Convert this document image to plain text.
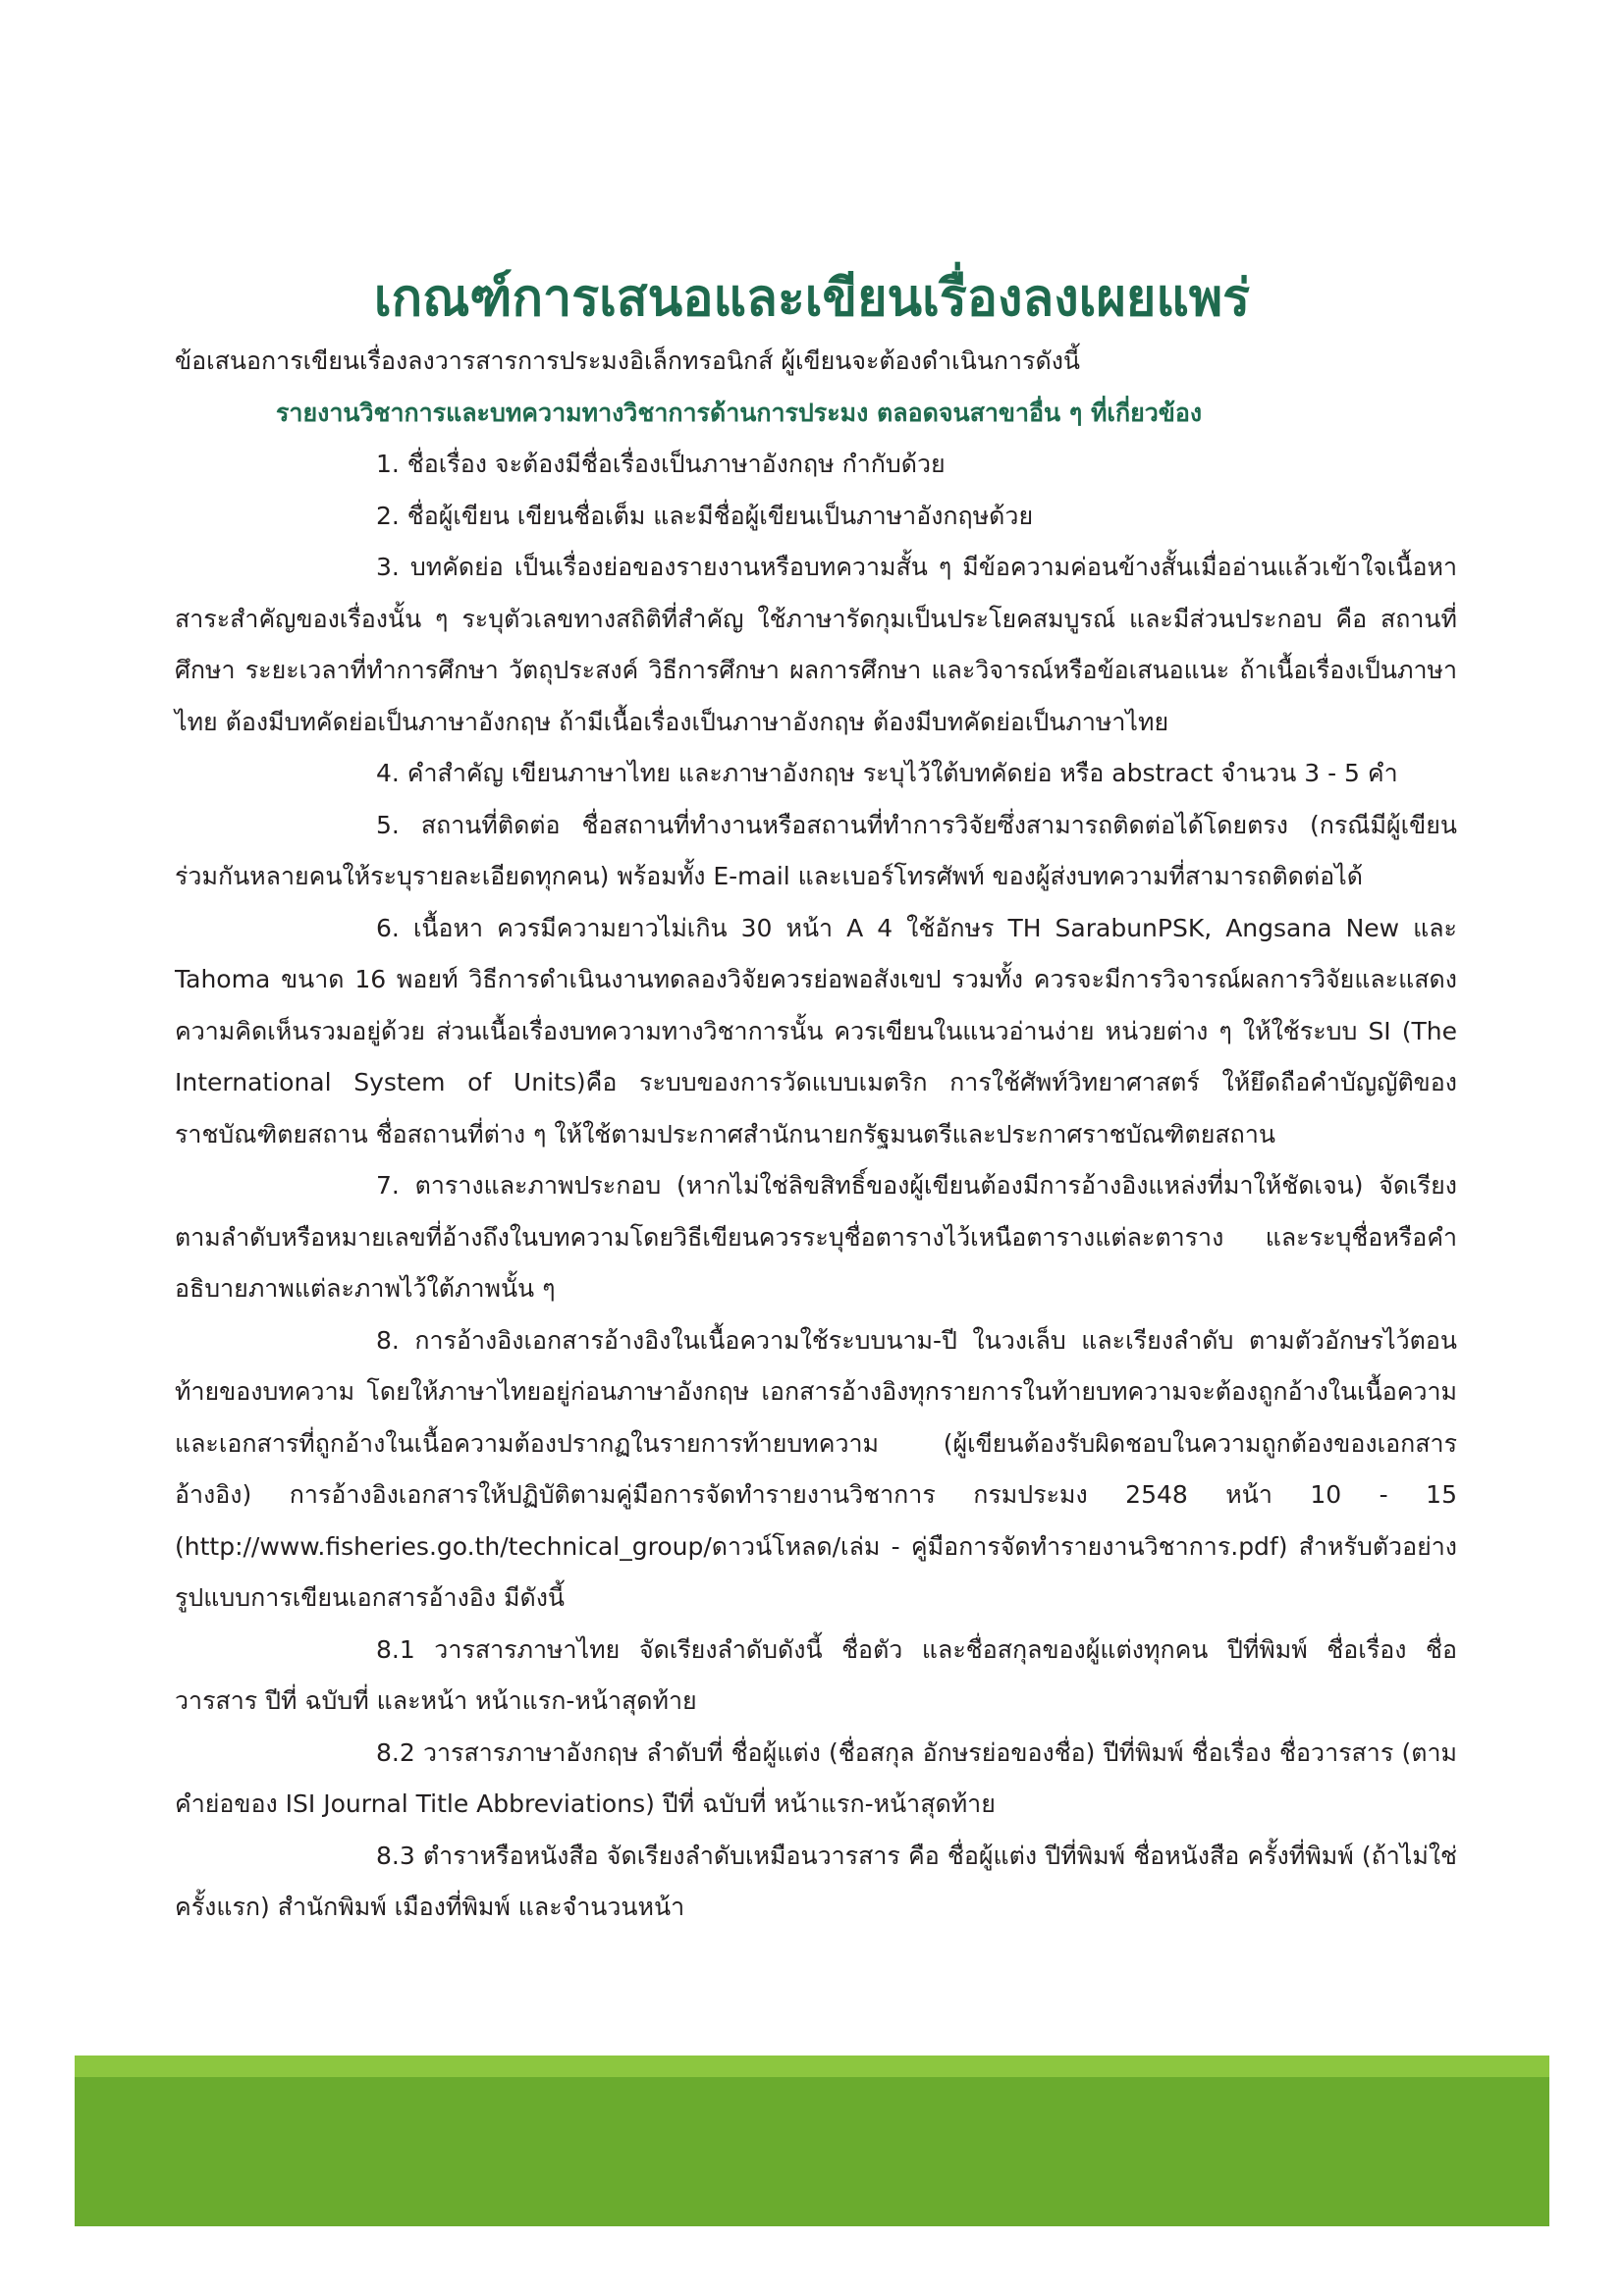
เกณฑ์การเสนอและเขียนเรื่องลงเผยแพร่

ข้อเสนอการเขียนเรื่องลงวารสารการประมงอิเล็กทรอนิกส์ ผู้เขียนจะต้องดำเนินการดังนี้

รายงานวิชาการและบทความทางวิชาการด้านการประมง ตลอดจนสาขาอื่น ๆ ที่เกี่ยวข้อง

1. ชื่อเรื่อง จะต้องมีชื่อเรื่องเป็นภาษาอังกฤษ กำกับด้วย

2. ชื่อผู้เขียน เขียนชื่อเต็ม และมีชื่อผู้เขียนเป็นภาษาอังกฤษด้วย

3. บทคัดย่อ เป็นเรื่องย่อของรายงานหรือบทความสั้น ๆ มีข้อความค่อนข้างสั้นเมื่ออ่านแล้วเข้าใจเนื้อหาสาระสำคัญของเรื่องนั้น ๆ ระบุตัวเลขทางสถิติที่สำคัญ ใช้ภาษารัดกุมเป็นประโยคสมบูรณ์ และมีส่วนประกอบ คือ สถานที่ศึกษา ระยะเวลาที่ทำการศึกษา วัตถุประสงค์ วิธีการศึกษา ผลการศึกษา และวิจารณ์หรือข้อเสนอแนะ ถ้าเนื้อเรื่องเป็นภาษาไทย ต้องมีบทคัดย่อเป็นภาษาอังกฤษ ถ้ามีเนื้อเรื่องเป็นภาษาอังกฤษ ต้องมีบทคัดย่อเป็นภาษาไทย

4. คำสำคัญ เขียนภาษาไทย และภาษาอังกฤษ ระบุไว้ใต้บทคัดย่อ หรือ abstract จำนวน 3 - 5 คำ

5. สถานที่ติดต่อ ชื่อสถานที่ทำงานหรือสถานที่ทำการวิจัยซึ่งสามารถติดต่อได้โดยตรง (กรณีมีผู้เขียนร่วมกันหลายคนให้ระบุรายละเอียดทุกคน) พร้อมทั้ง E-mail และเบอร์โทรศัพท์ ของผู้ส่งบทความที่สามารถติดต่อได้

6. เนื้อหา ควรมีความยาวไม่เกิน 30 หน้า A 4 ใช้อักษร TH SarabunPSK, Angsana New และ Tahoma ขนาด 16 พอยท์ วิธีการดำเนินงานทดลองวิจัยควรย่อพอสังเขป รวมทั้ง ควรจะมีการวิจารณ์ผลการวิจัยและแสดงความคิดเห็นรวมอยู่ด้วย ส่วนเนื้อเรื่องบทความทางวิชาการนั้น ควรเขียนในแนวอ่านง่าย หน่วยต่าง ๆ ให้ใช้ระบบ SI (The International System of Units)คือ ระบบของการวัดแบบเมตริก การใช้ศัพท์วิทยาศาสตร์ ให้ยึดถือคำบัญญัติของราชบัณฑิตยสถาน ชื่อสถานที่ต่าง ๆ ให้ใช้ตามประกาศสำนักนายกรัฐมนตรีและประกาศราชบัณฑิตยสถาน

7. ตารางและภาพประกอบ (หากไม่ใช่ลิขสิทธิ์ของผู้เขียนต้องมีการอ้างอิงแหล่งที่มาให้ชัดเจน) จัดเรียงตามลำดับหรือหมายเลขที่อ้างถึงในบทความโดยวิธีเขียนควรระบุชื่อตารางไว้เหนือตารางแต่ละตาราง และระบุชื่อหรือคำอธิบายภาพแต่ละภาพไว้ใต้ภาพนั้น ๆ

8. การอ้างอิงเอกสารอ้างอิงในเนื้อความใช้ระบบนาม-ปี ในวงเล็บ และเรียงลำดับ ตามตัวอักษรไว้ตอนท้ายของบทความ โดยให้ภาษาไทยอยู่ก่อนภาษาอังกฤษ เอกสารอ้างอิงทุกรายการในท้ายบทความจะต้องถูกอ้างในเนื้อความ และเอกสารที่ถูกอ้างในเนื้อความต้องปรากฏในรายการท้ายบทความ (ผู้เขียนต้องรับผิดชอบในความถูกต้องของเอกสารอ้างอิง) การอ้างอิงเอกสารให้ปฏิบัติตามคู่มือการจัดทำรายงานวิชาการ กรมประมง 2548 หน้า 10 - 15 (http://www.fisheries.go.th/technical_group/ดาวน์โหลด/เล่ม - คู่มือการจัดทำรายงานวิชาการ.pdf) สำหรับตัวอย่างรูปแบบการเขียนเอกสารอ้างอิง มีดังนี้

8.1 วารสารภาษาไทย จัดเรียงลำดับดังนี้ ชื่อตัว และชื่อสกุลของผู้แต่งทุกคน ปีที่พิมพ์ ชื่อเรื่อง ชื่อวารสาร ปีที่ ฉบับที่ และหน้า หน้าแรก-หน้าสุดท้าย

8.2 วารสารภาษาอังกฤษ ลำดับที่ ชื่อผู้แต่ง (ชื่อสกุล อักษรย่อของชื่อ) ปีที่พิมพ์ ชื่อเรื่อง ชื่อวารสาร (ตามคำย่อของ ISI Journal Title Abbreviations) ปีที่ ฉบับที่ หน้าแรก-หน้าสุดท้าย

8.3 ตำราหรือหนังสือ จัดเรียงลำดับเหมือนวารสาร คือ ชื่อผู้แต่ง ปีที่พิมพ์ ชื่อหนังสือ ครั้งที่พิมพ์ (ถ้าไม่ใช่ครั้งแรก) สำนักพิมพ์ เมืองที่พิมพ์ และจำนวนหน้า
